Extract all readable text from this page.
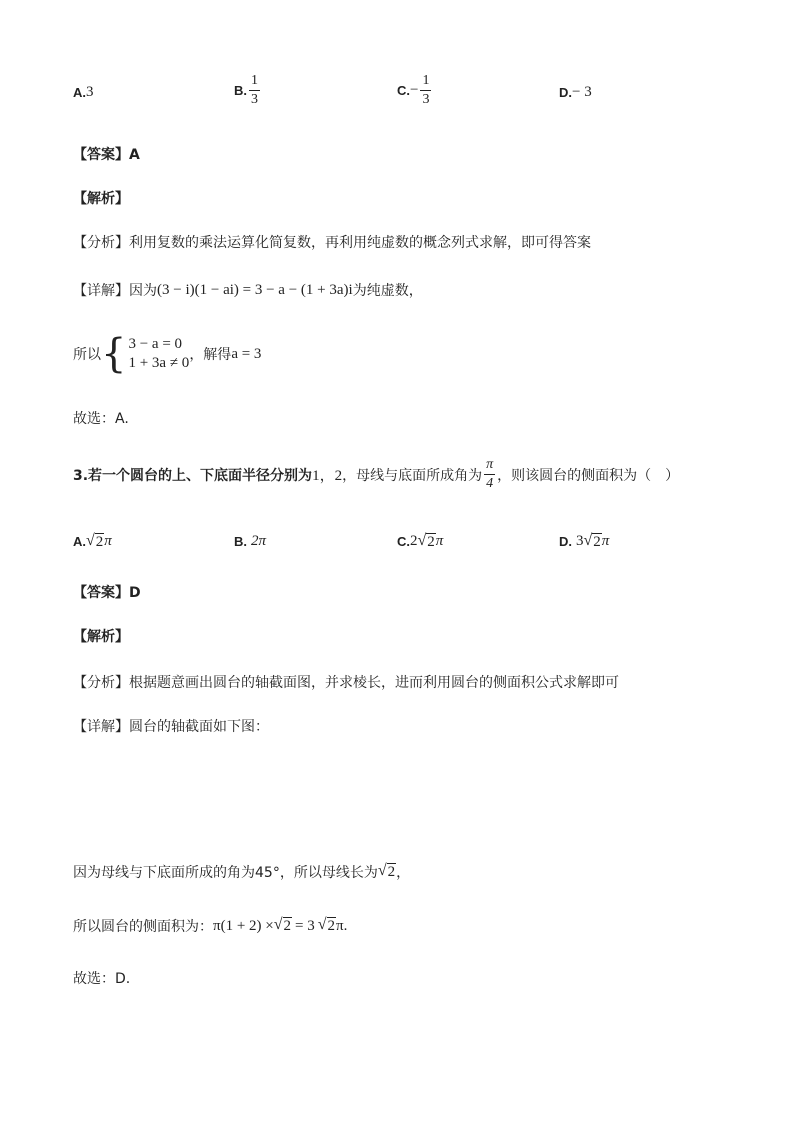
A. 3	B. $\frac{1}{3}$	C. − $\frac{1}{3}$	D. − 3
【答案】A
【解析】
【分析】利用复数的乘法运算化简复数，再利用纯虚数的概念列式求解，即可得答案
【详解】因为 (3 − i)(1 − ai) = 3 − a − (1 + 3a)i 为纯虚数，
所以 { 3 − a = 0
1 + 3a ≠ 0 ，解得 a = 3
故选：A.
3.若一个圆台的上、下底面半径分别为 1，2 ，母线与底面所成角为 $\frac{\pi}{4}$ ，则该圆台的侧面积为（　）
A. √ 2 π	B. 2π	C. 2 √ 2 π	D. 3 √ 2 π
【答案】D
【解析】
【分析】根据题意画出圆台的轴截面图，并求棱长，进而利用圆台的侧面积公式求解即可
【详解】圆台的轴截面如下图：
因为母线与下底面所成的角为45°，所以母线长为 √ 2 ，
所以圆台的侧面积为： π(1 + 2) × √ 2 = 3 √ 2 π .
故选：D.
